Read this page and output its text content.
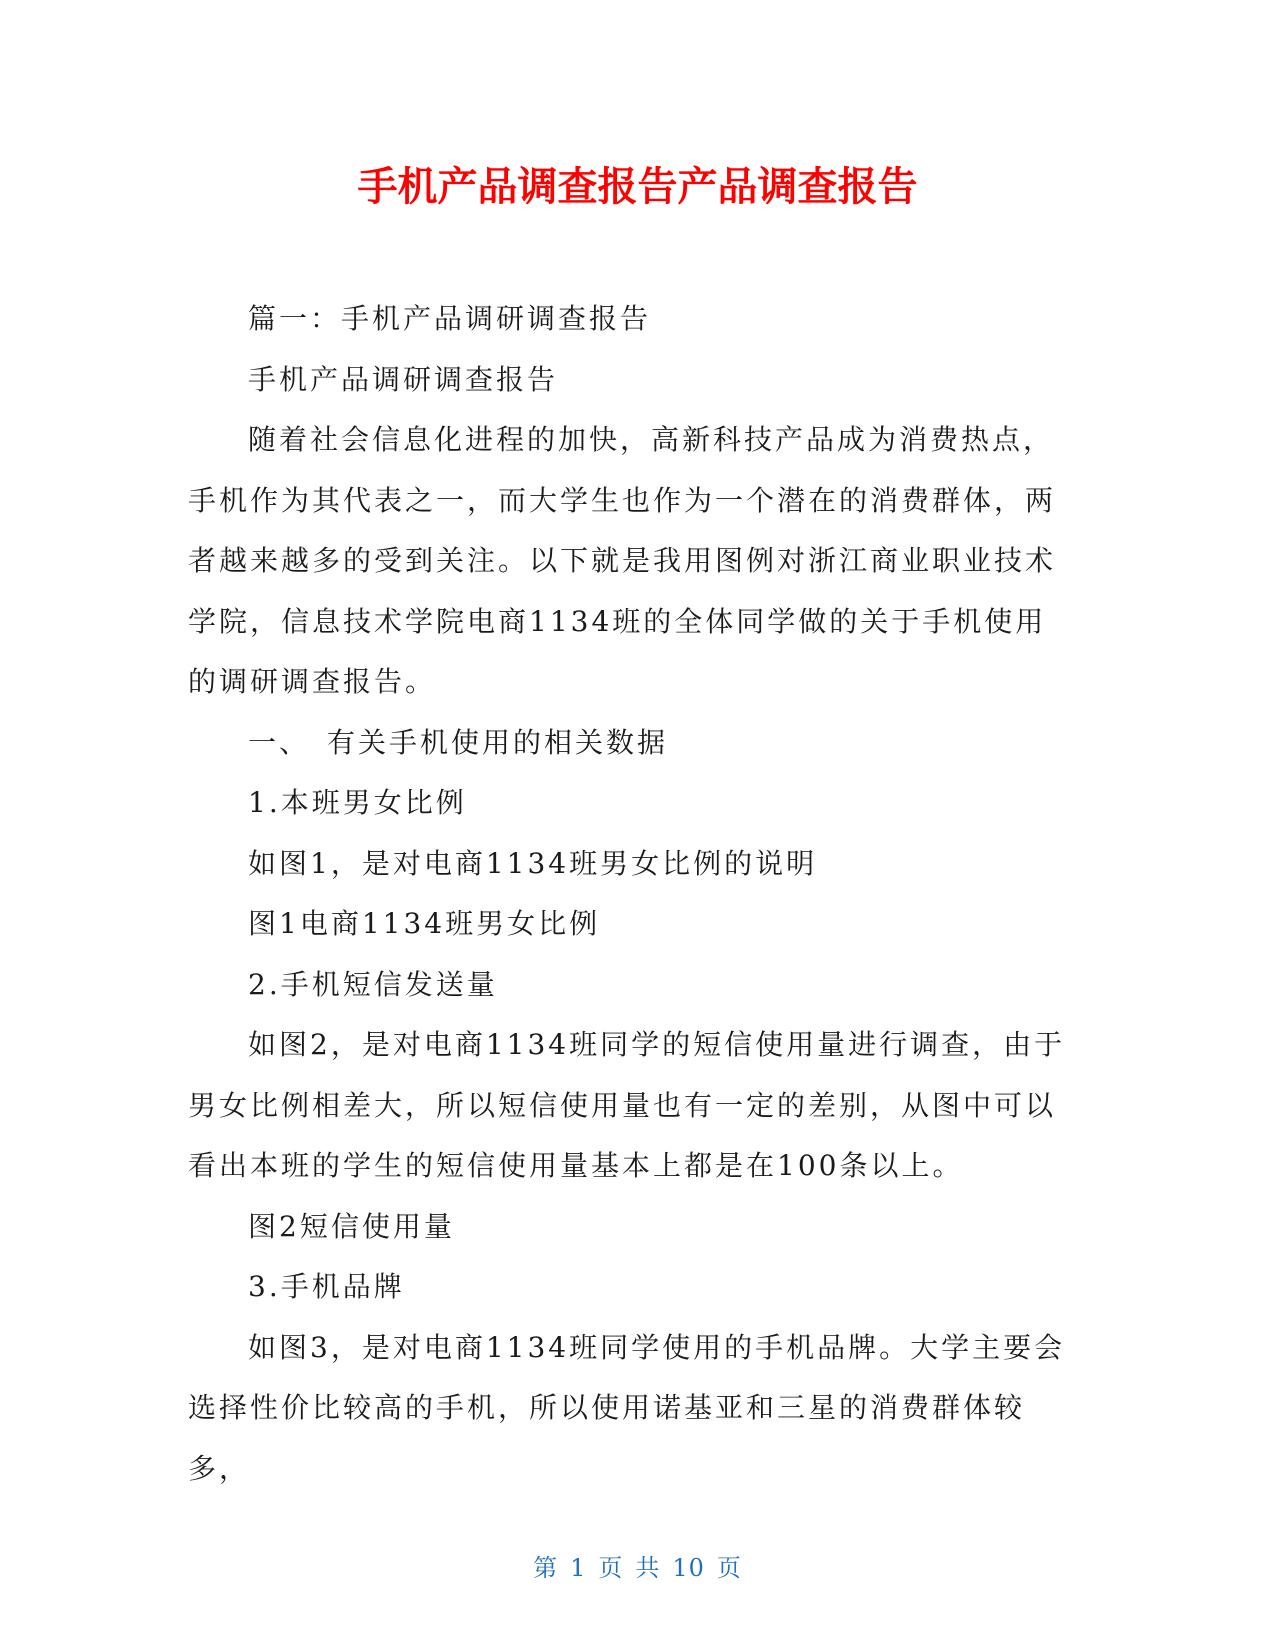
手机产品调查报告产品调查报告

篇一：手机产品调研调查报告

手机产品调研调查报告

随着社会信息化进程的加快，高新科技产品成为消费热点，手机作为其代表之一，而大学生也作为一个潜在的消费群体，两者越来越多的受到关注。以下就是我用图例对浙江商业职业技术学院，信息技术学院电商1134班的全体同学做的关于手机使用的调研调查报告。

一、　有关手机使用的相关数据

1.本班男女比例

如图1，是对电商1134班男女比例的说明

图1电商1134班男女比例

2.手机短信发送量

如图2，是对电商1134班同学的短信使用量进行调查，由于男女比例相差大，所以短信使用量也有一定的差别，从图中可以看出本班的学生的短信使用量基本上都是在100条以上。

图2短信使用量

3.手机品牌

如图3，是对电商1134班同学使用的手机品牌。大学主要会选择性价比较高的手机，所以使用诺基亚和三星的消费群体较多，

第 1 页 共 10 页
